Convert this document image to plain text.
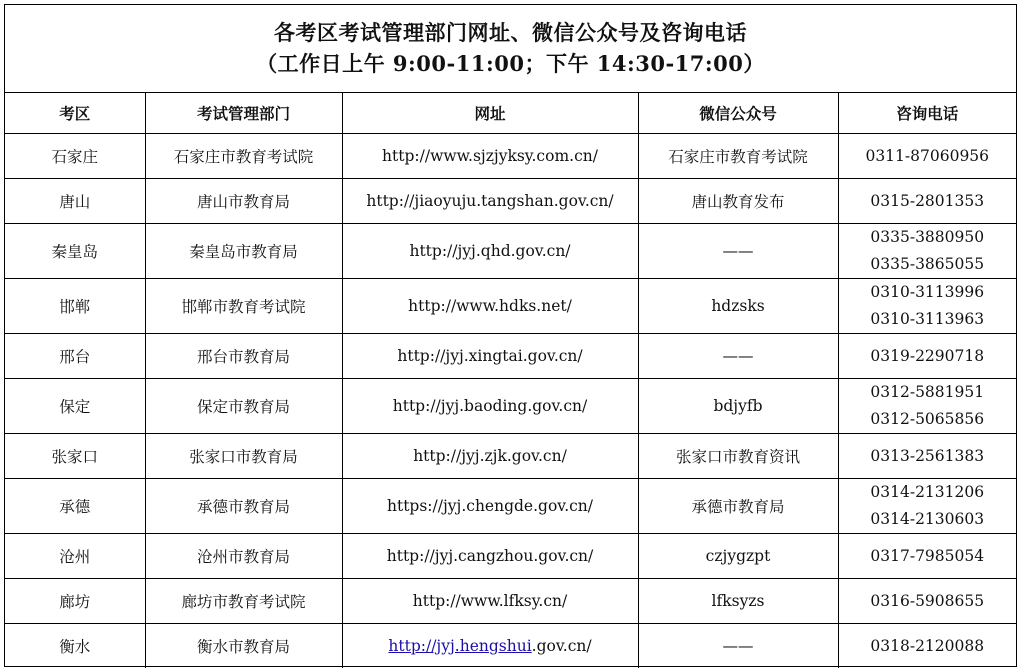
各考区考试管理部门网址、微信公众号及咨询电话
（工作日上午 9:00-11:00；下午 14:30-17:00）
考区	考试管理部门	网址	微信公众号	咨询电话
石家庄	石家庄市教育考试院	http://www.sjzjyksy.com.cn/	石家庄市教育考试院	0311-87060956

唐山	唐山市教育局	http://jiaoyuju.tangshan.gov.cn/	唐山教育发布	0315-2801353

秦皇岛	秦皇岛市教育局	http://jyj.qhd.gov.cn/	——	0335-3880950
0335-3865055

邯郸	邯郸市教育考试院	http://www.hdks.net/	hdzsks	0310-3113996
0310-3113963

邢台	邢台市教育局	http://jyj.xingtai.gov.cn/	——	0319-2290718

保定	保定市教育局	http://jyj.baoding.gov.cn/	bdjyfb	0312-5881951
0312-5065856

张家口	张家口市教育局	http://jyj.zjk.gov.cn/	张家口市教育资讯	0313-2561383

承德	承德市教育局	https://jyj.chengde.gov.cn/	承德市教育局	0314-2131206
0314-2130603

沧州	沧州市教育局	http://jyj.cangzhou.gov.cn/	czjygzpt	0317-7985054

廊坊	廊坊市教育考试院	http://www.lfksy.cn/	lfksyzs	0316-5908655

衡水	衡水市教育局	http://jyj.hengshui.gov.cn/	——	0318-2120088
